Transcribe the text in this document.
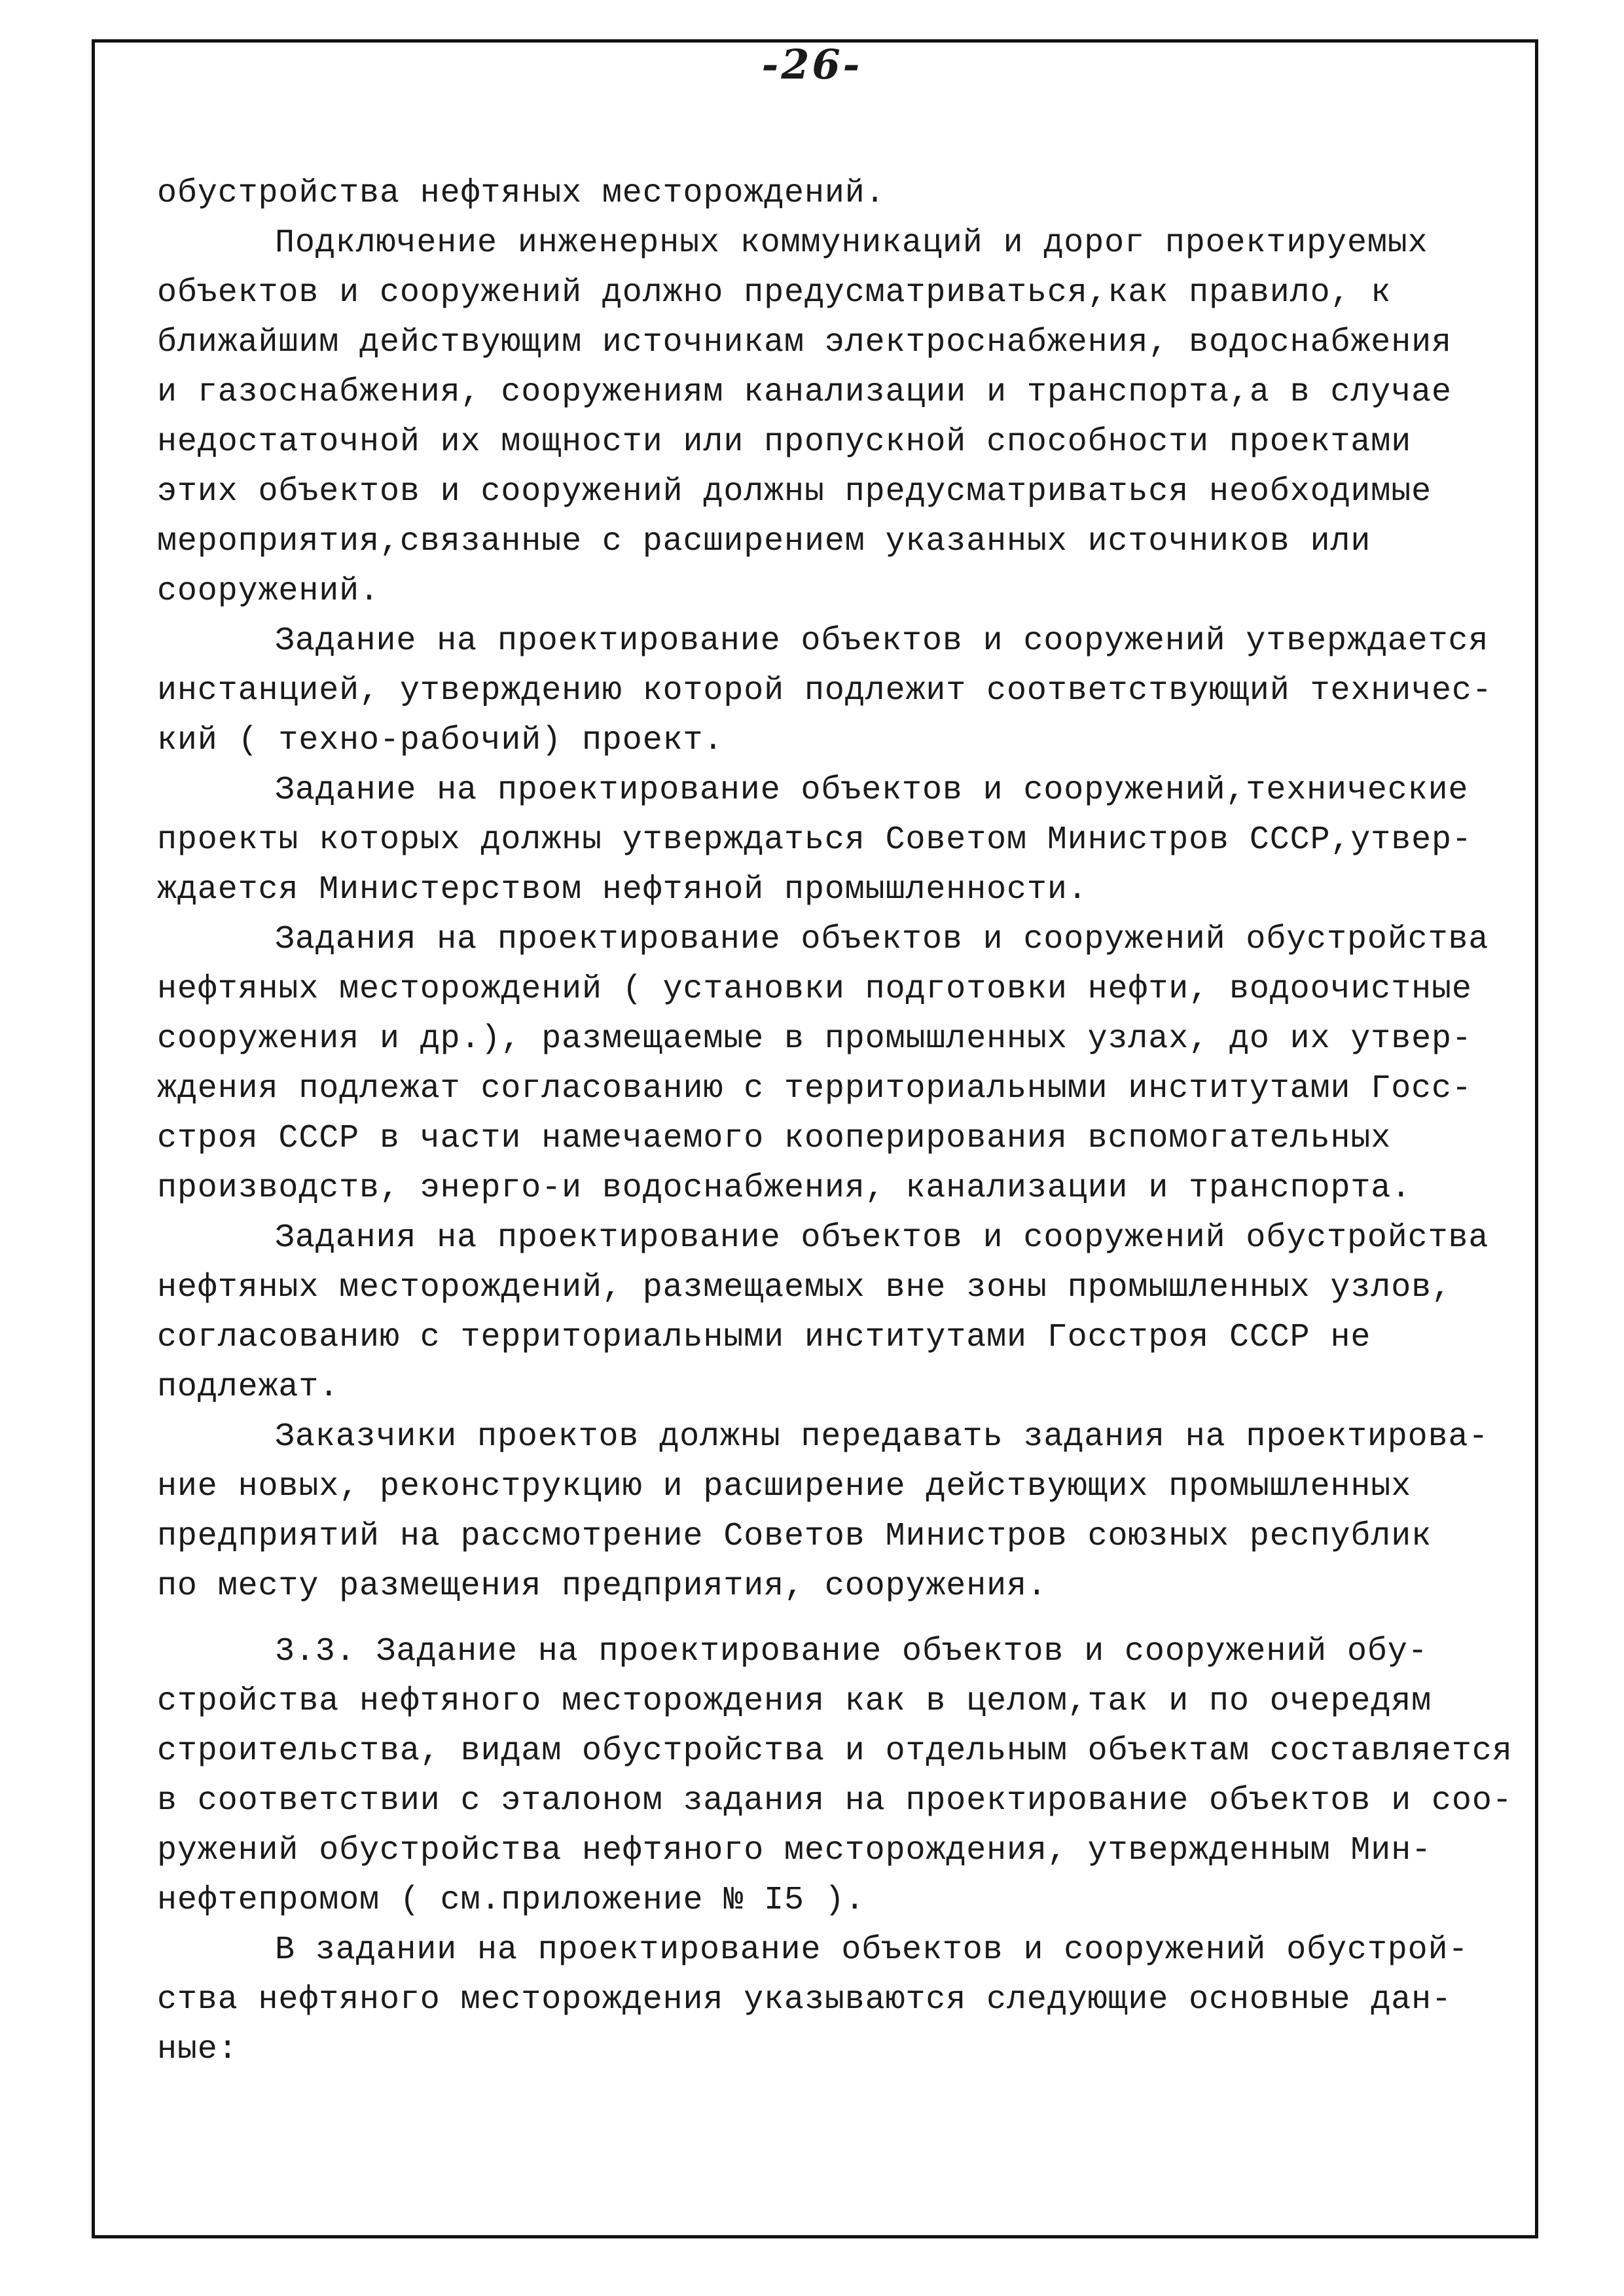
-26-
обустройства нефтяных месторождений.
Подключение инженерных коммуникаций и дорог проектируемых
объектов и сооружений должно предусматриваться,как правило, к
ближайшим действующим источникам электроснабжения, водоснабжения
и газоснабжения, сооружениям канализации и транспорта,а в случае
недостаточной их мощности или пропускной способности проектами
этих объектов и сооружений должны предусматриваться необходимые
мероприятия,связанные с расширением указанных источников или
сооружений.
Задание на проектирование объектов и сооружений утверждается
инстанцией, утверждению которой подлежит соответствующий техничес-
кий ( техно-рабочий) проект.
Задание на проектирование объектов и сооружений,технические
проекты которых должны утверждаться Советом Министров СССР,утвер-
ждается Министерством нефтяной промышленности.
Задания на проектирование объектов и сооружений обустройства
нефтяных месторождений ( установки подготовки нефти, водоочистные
сооружения и др.), размещаемые в промышленных узлах, до их утвер-
ждения подлежат согласованию с территориальными институтами Госс-
строя СССР в части намечаемого кооперирования вспомогательных
производств, энерго-и водоснабжения, канализации и транспорта.
Задания на проектирование объектов и сооружений обустройства
нефтяных месторождений, размещаемых вне зоны промышленных узлов,
согласованию с территориальными институтами Госстроя СССР не
подлежат.
Заказчики проектов должны передавать задания на проектирова-
ние новых, реконструкцию и расширение действующих промышленных
предприятий на рассмотрение Советов Министров союзных республик
по месту размещения предприятия, сооружения.
3.3. Задание на проектирование объектов и сооружений обу-
стройства нефтяного месторождения как в целом,так и по очередям
строительства, видам обустройства и отдельным объектам составляется
в соответствии с эталоном задания на проектирование объектов и соо-
ружений обустройства нефтяного месторождения, утвержденным Мин-
нефтепромом ( см.приложение № I5 ).
В задании на проектирование объектов и сооружений обустрой-
ства нефтяного месторождения указываются следующие основные дан-
ные:
